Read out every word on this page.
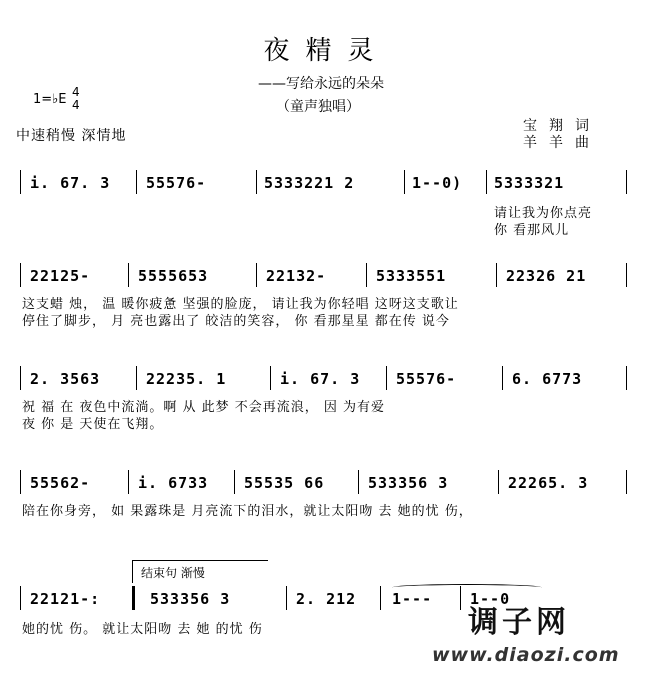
夜精灵
——写给永远的朵朵
（童声独唱）
1=♭E 4
4
中速稍慢 深情地
宝翔词
羊羊曲
i. 67. 3 55576-	5333221 2	1--0) 5333321
请让我为你点亮
你 看那风儿
22125-	5555653	22132-	5333551	22326 21
这支蜡 烛， 温 暖你疲惫 坚强的脸庞， 请让我为你轻唱 这呀这支歌让
停住了脚步， 月 亮也露出了 皎洁的笑容， 你 看那星星 都在传 说今
2. 3563	22235. 1	i. 67. 3 55576-	6. 6773
祝 福 在 夜色中流淌。啊 从 此梦 不会再流浪， 因 为有爱
夜 你 是 天使在飞翔。
55562-	i. 6733 55535 66	533356 3	22265. 3
陪在你身旁， 如 果露珠是 月亮流下的泪水，就让太阳吻 去 她的忧 伤，
结束句 渐慢
22121-:	533356 3	2. 212 1---	1--0
她的忧 伤。 就让太阳吻 去 她 的忧 伤	调子网
www.diaozi.com
